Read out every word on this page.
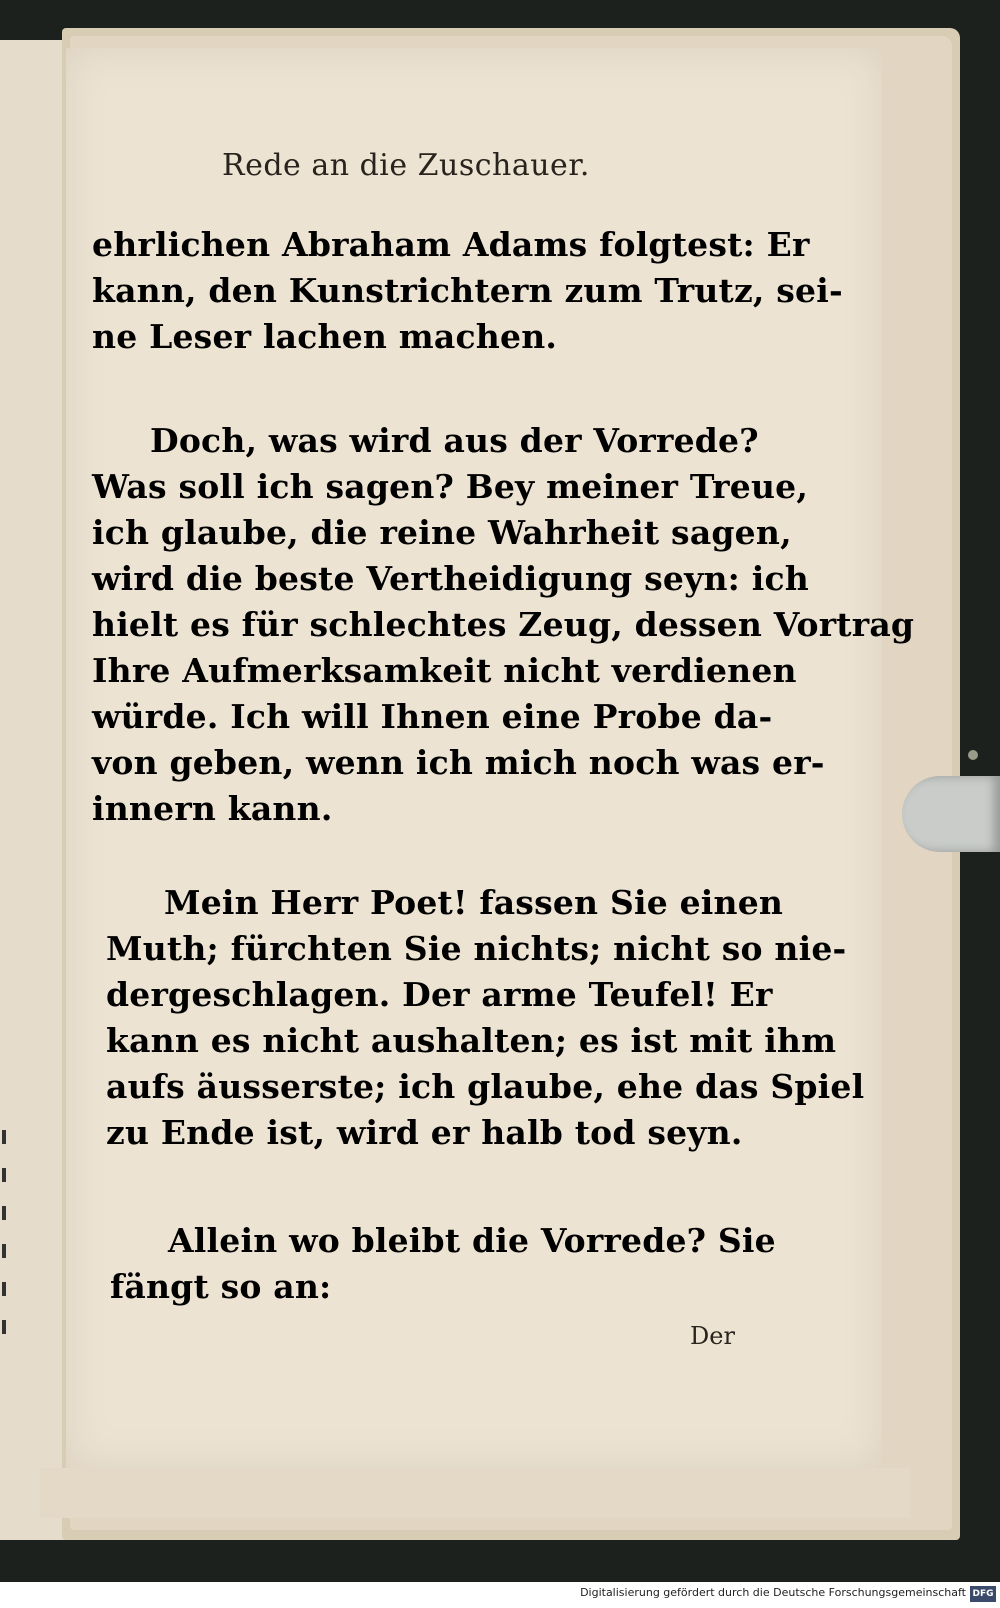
Rede an die Zuschauer.
ehrlichen Abraham Adams folgtest: Er
kann, den Kunstrichtern zum Trutz, sei-
ne Leser lachen machen.
Doch, was wird aus der Vorrede?
Was soll ich sagen? Bey meiner Treue,
ich glaube, die reine Wahrheit sagen,
wird die beste Vertheidigung seyn: ich
hielt es für schlechtes Zeug, dessen Vortrag
Ihre Aufmerksamkeit nicht verdienen
würde. Ich will Ihnen eine Probe da-
von geben, wenn ich mich noch was er-
innern kann.
Mein Herr Poet! fassen Sie einen
Muth; fürchten Sie nichts; nicht so nie-
dergeschlagen. Der arme Teufel! Er
kann es nicht aushalten; es ist mit ihm
aufs äusserste; ich glaube, ehe das Spiel
zu Ende ist, wird er halb tod seyn.
Allein wo bleibt die Vorrede? Sie
fängt so an:
Der
Digitalisierung gefördert durch die Deutsche Forschungsgemeinschaft DFG
